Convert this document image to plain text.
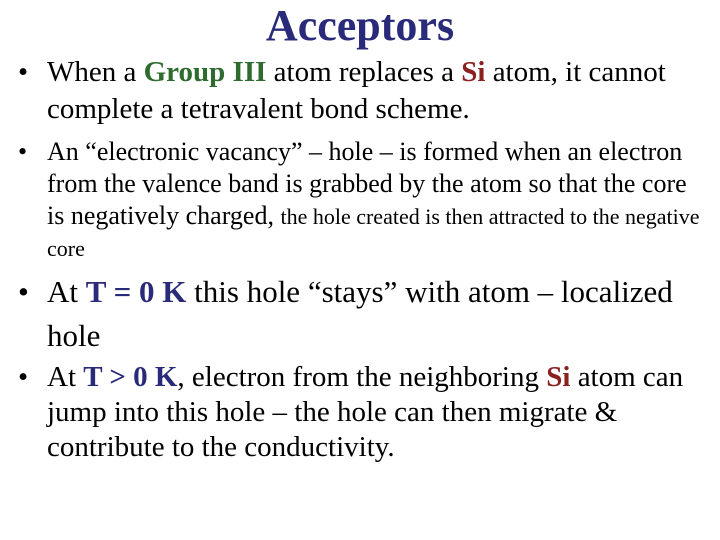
Acceptors
• When a Group III atom replaces a Si atom, it cannot complete a tetravalent bond scheme.
• An “electronic vacancy” – hole – is formed when an electron from the valence band is grabbed by the atom so that the core is negatively charged, the hole created is then attracted to the negative core
• At T = 0 K this hole “stays” with atom – localized hole
• At T > 0 K, electron from the neighboring Si atom can jump into this hole – the hole can then migrate & contribute to the conductivity.
